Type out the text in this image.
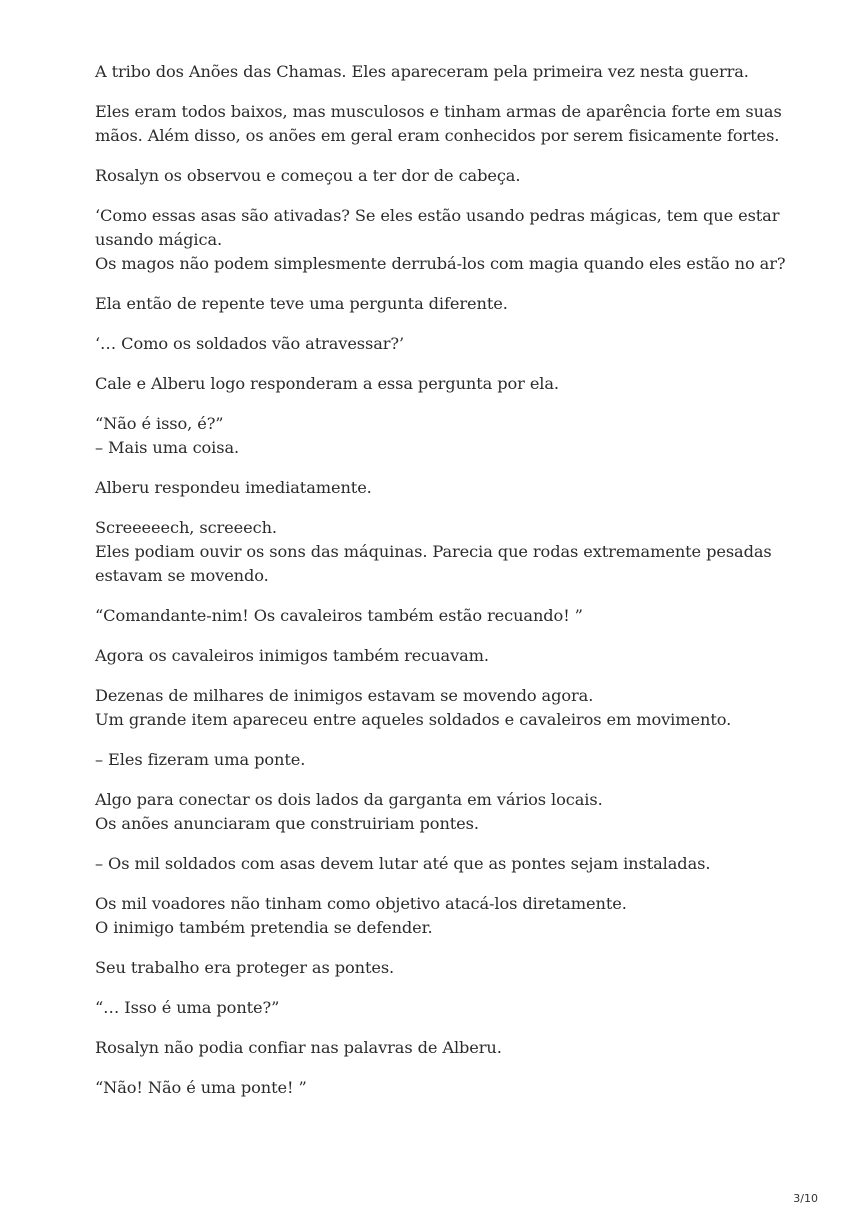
A tribo dos Anões das Chamas. Eles apareceram pela primeira vez nesta guerra.

Eles eram todos baixos, mas musculosos e tinham armas de aparência forte em suas
mãos. Além disso, os anões em geral eram conhecidos por serem fisicamente fortes.

Rosalyn os observou e começou a ter dor de cabeça.

‘Como essas asas são ativadas? Se eles estão usando pedras mágicas, tem que estar
usando mágica.
Os magos não podem simplesmente derrubá-los com magia quando eles estão no ar?

Ela então de repente teve uma pergunta diferente.

‘… Como os soldados vão atravessar?’

Cale e Alberu logo responderam a essa pergunta por ela.

“Não é isso, é?”
– Mais uma coisa.

Alberu respondeu imediatamente.

Screeeeech, screeech.
Eles podiam ouvir os sons das máquinas. Parecia que rodas extremamente pesadas
estavam se movendo.

“Comandante-nim! Os cavaleiros também estão recuando! ”

Agora os cavaleiros inimigos também recuavam.

Dezenas de milhares de inimigos estavam se movendo agora.
Um grande item apareceu entre aqueles soldados e cavaleiros em movimento.

– Eles fizeram uma ponte.

Algo para conectar os dois lados da garganta em vários locais.
Os anões anunciaram que construiriam pontes.

– Os mil soldados com asas devem lutar até que as pontes sejam instaladas.

Os mil voadores não tinham como objetivo atacá-los diretamente.
O inimigo também pretendia se defender.

Seu trabalho era proteger as pontes.

“… Isso é uma ponte?”

Rosalyn não podia confiar nas palavras de Alberu.

“Não! Não é uma ponte! ”

3/10
